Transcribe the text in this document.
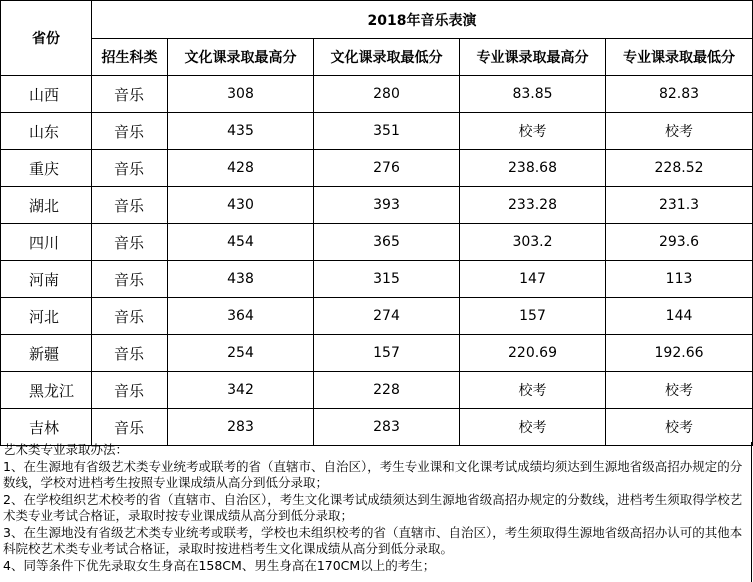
省份	2018年音乐表演				
	招生科类	文化课录取最高分	文化课录取最低分	专业课录取最高分	专业课录取最低分
山西	音乐	308	280	83.85	82.83
山东	音乐	435	351	校考	校考
重庆	音乐	428	276	238.68	228.52
湖北	音乐	430	393	233.28	231.3
四川	音乐	454	365	303.2	293.6
河南	音乐	438	315	147	113
河北	音乐	364	274	157	144
新疆	音乐	254	157	220.69	192.66
黑龙江	音乐	342	228	校考	校考
吉林	音乐	283	283	校考	校考
艺术类专业录取办法：
1、在生源地有省级艺术类专业统考或联考的省（直辖市、自治区），考生专业课和文化课考试成绩均须达到生源地省级高招办规定的分数线，学校对进档考生按照专业课成绩从高分到低分录取；
2、在学校组织艺术校考的省（直辖市、自治区），考生文化课考试成绩须达到生源地省级高招办规定的分数线，进档考生须取得学校艺术类专业考试合格证，录取时按专业课成绩从高分到低分录取；
3、在生源地没有省级艺术类专业统考或联考，学校也未组织校考的省（直辖市、自治区），考生须取得生源地省级高招办认可的其他本科院校艺术类专业考试合格证，录取时按进档考生文化课成绩从高分到低分录取。
4、同等条件下优先录取女生身高在158CM、男生身高在170CM以上的考生；
